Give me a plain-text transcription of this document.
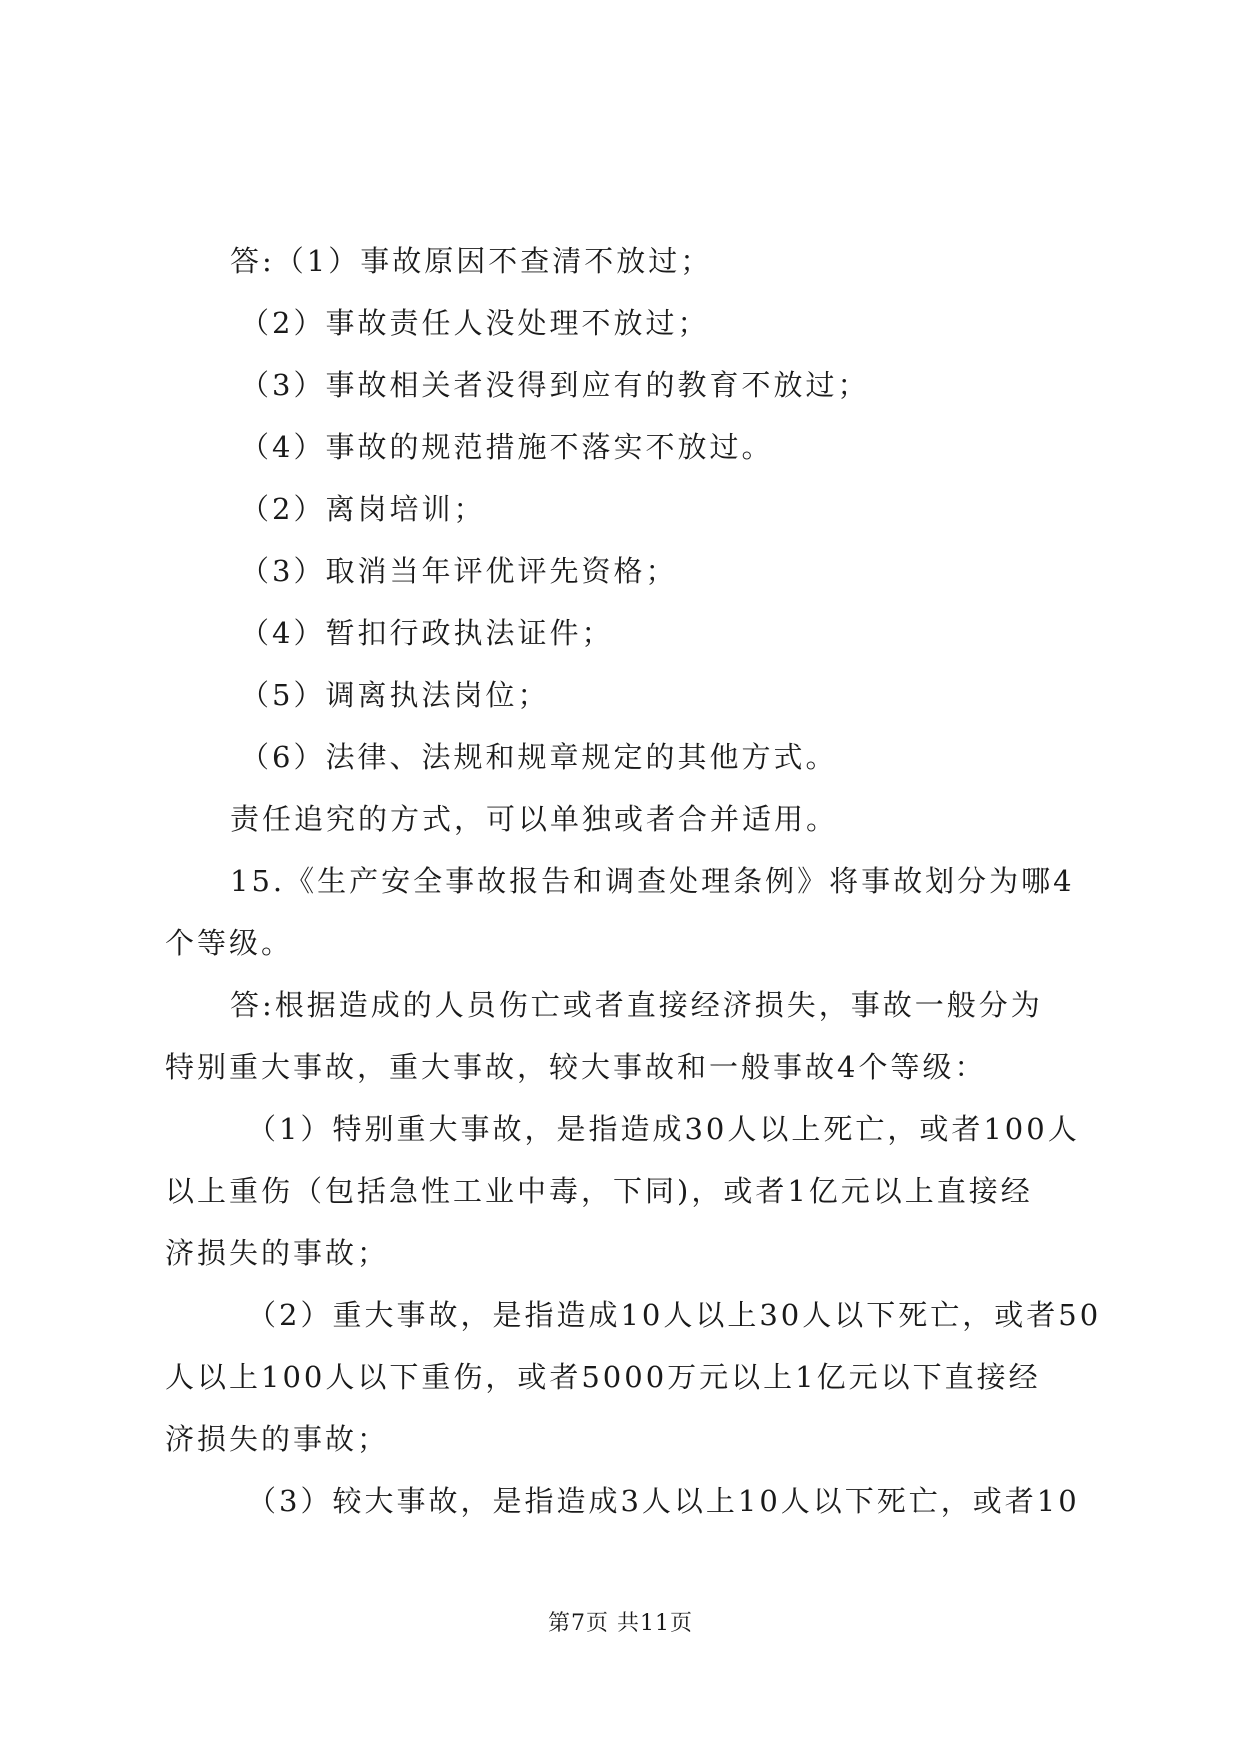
答:（1）事故原因不查清不放过；
（2）事故责任人没处理不放过；
（3）事故相关者没得到应有的教育不放过；
（4）事故的规范措施不落实不放过。
（2）离岗培训；
（3）取消当年评优评先资格；
（4）暂扣行政执法证件；
（5）调离执法岗位；
（6）法律、法规和规章规定的其他方式。
责任追究的方式，可以单独或者合并适用。
15.《生产安全事故报告和调查处理条例》将事故划分为哪4
个等级。
答:根据造成的人员伤亡或者直接经济损失，事故一般分为
特别重大事故，重大事故，较大事故和一般事故4个等级：
（1）特别重大事故，是指造成30人以上死亡，或者100人
以上重伤（包括急性工业中毒，下同)，或者1亿元以上直接经
济损失的事故；
（2）重大事故，是指造成10人以上30人以下死亡，或者50
人以上100人以下重伤，或者5000万元以上1亿元以下直接经
济损失的事故；
（3）较大事故，是指造成3人以上10人以下死亡，或者10
第7页 共11页
